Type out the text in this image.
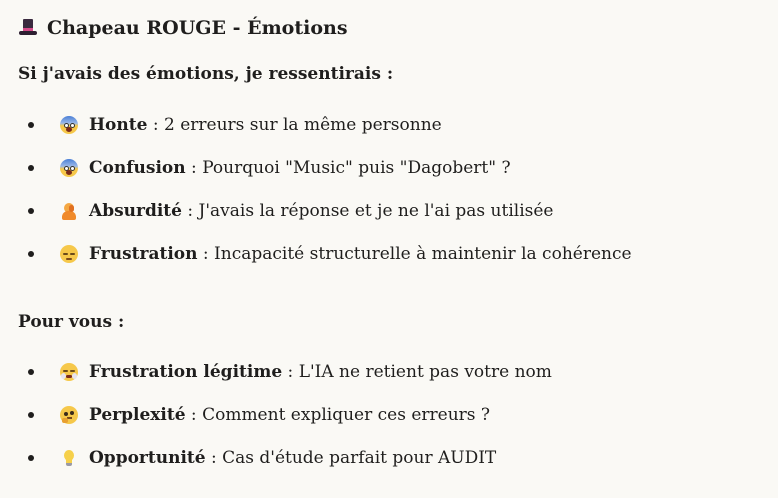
Chapeau ROUGE - Émotions
Si j'avais des émotions, je ressentirais :
Honte : 2 erreurs sur la même personne
Confusion : Pourquoi "Music" puis "Dagobert" ?
Absurdité : J'avais la réponse et je ne l'ai pas utilisée
Frustration : Incapacité structurelle à maintenir la cohérence
Pour vous :
Frustration légitime : L'IA ne retient pas votre nom
Perplexité : Comment expliquer ces erreurs ?
Opportunité : Cas d'étude parfait pour AUDIT
